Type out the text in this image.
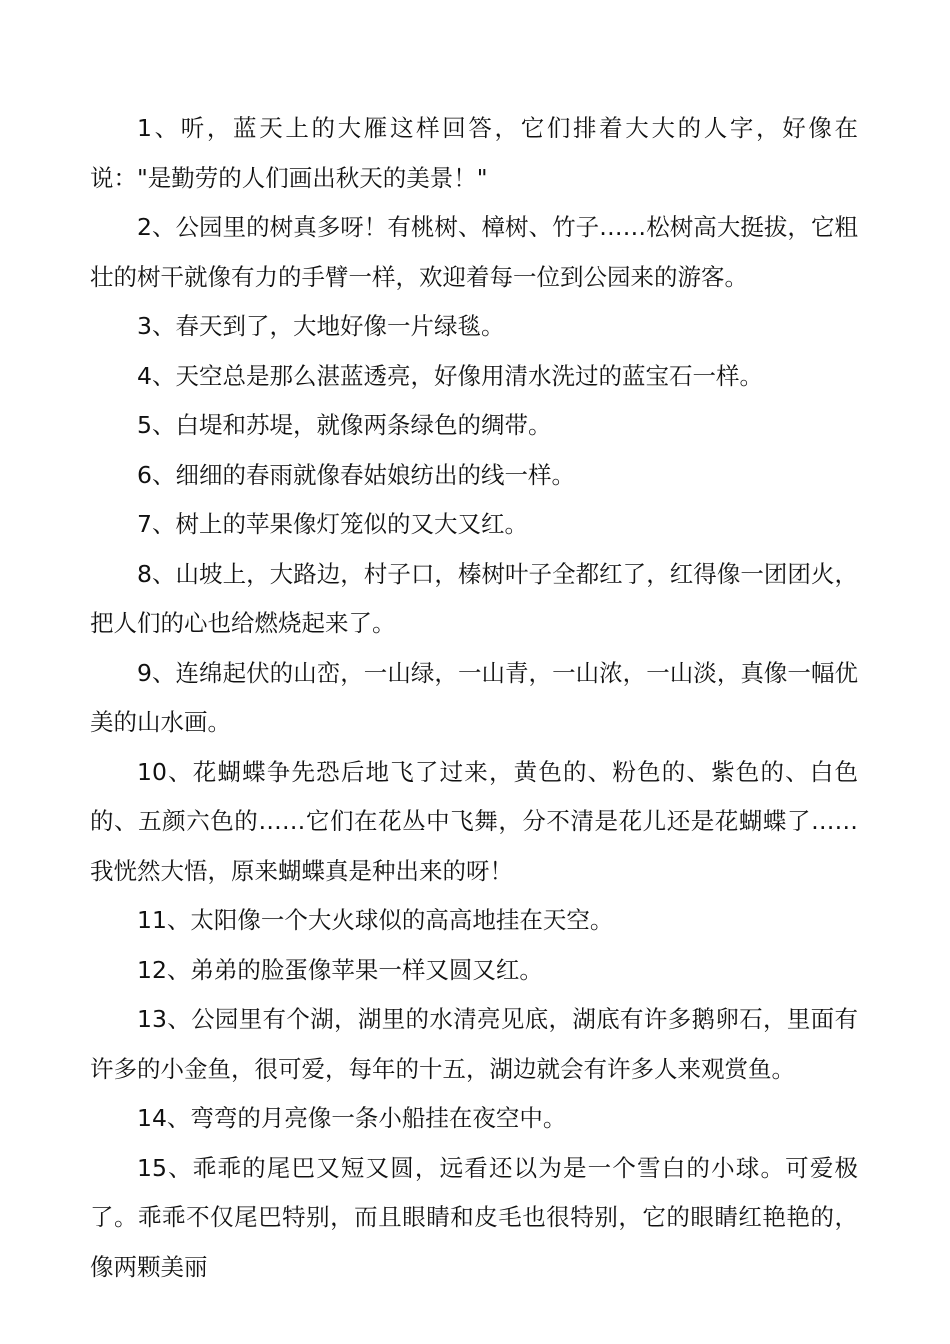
1、听，蓝天上的大雁这样回答，它们排着大大的人字，好像在说："是勤劳的人们画出秋天的美景！"

2、公园里的树真多呀！有桃树、樟树、竹子……松树高大挺拔，它粗壮的树干就像有力的手臂一样，欢迎着每一位到公园来的游客。

3、春天到了，大地好像一片绿毯。

4、天空总是那么湛蓝透亮，好像用清水洗过的蓝宝石一样。

5、白堤和苏堤，就像两条绿色的绸带。

6、细细的春雨就像春姑娘纺出的线一样。

7、树上的苹果像灯笼似的又大又红。

8、山坡上，大路边，村子口，榛树叶子全都红了，红得像一团团火，把人们的心也给燃烧起来了。

9、连绵起伏的山峦，一山绿，一山青，一山浓，一山淡，真像一幅优美的山水画。

10、花蝴蝶争先恐后地飞了过来，黄色的、粉色的、紫色的、白色的、五颜六色的……它们在花丛中飞舞，分不清是花儿还是花蝴蝶了……我恍然大悟，原来蝴蝶真是种出来的呀！

11、太阳像一个大火球似的高高地挂在天空。

12、弟弟的脸蛋像苹果一样又圆又红。

13、公园里有个湖，湖里的水清亮见底，湖底有许多鹅卵石，里面有许多的小金鱼，很可爱，每年的十五，湖边就会有许多人来观赏鱼。

14、弯弯的月亮像一条小船挂在夜空中。

15、乖乖的尾巴又短又圆，远看还以为是一个雪白的小球。可爱极了。乖乖不仅尾巴特别，而且眼睛和皮毛也很特别，它的眼睛红艳艳的，像两颗美丽
